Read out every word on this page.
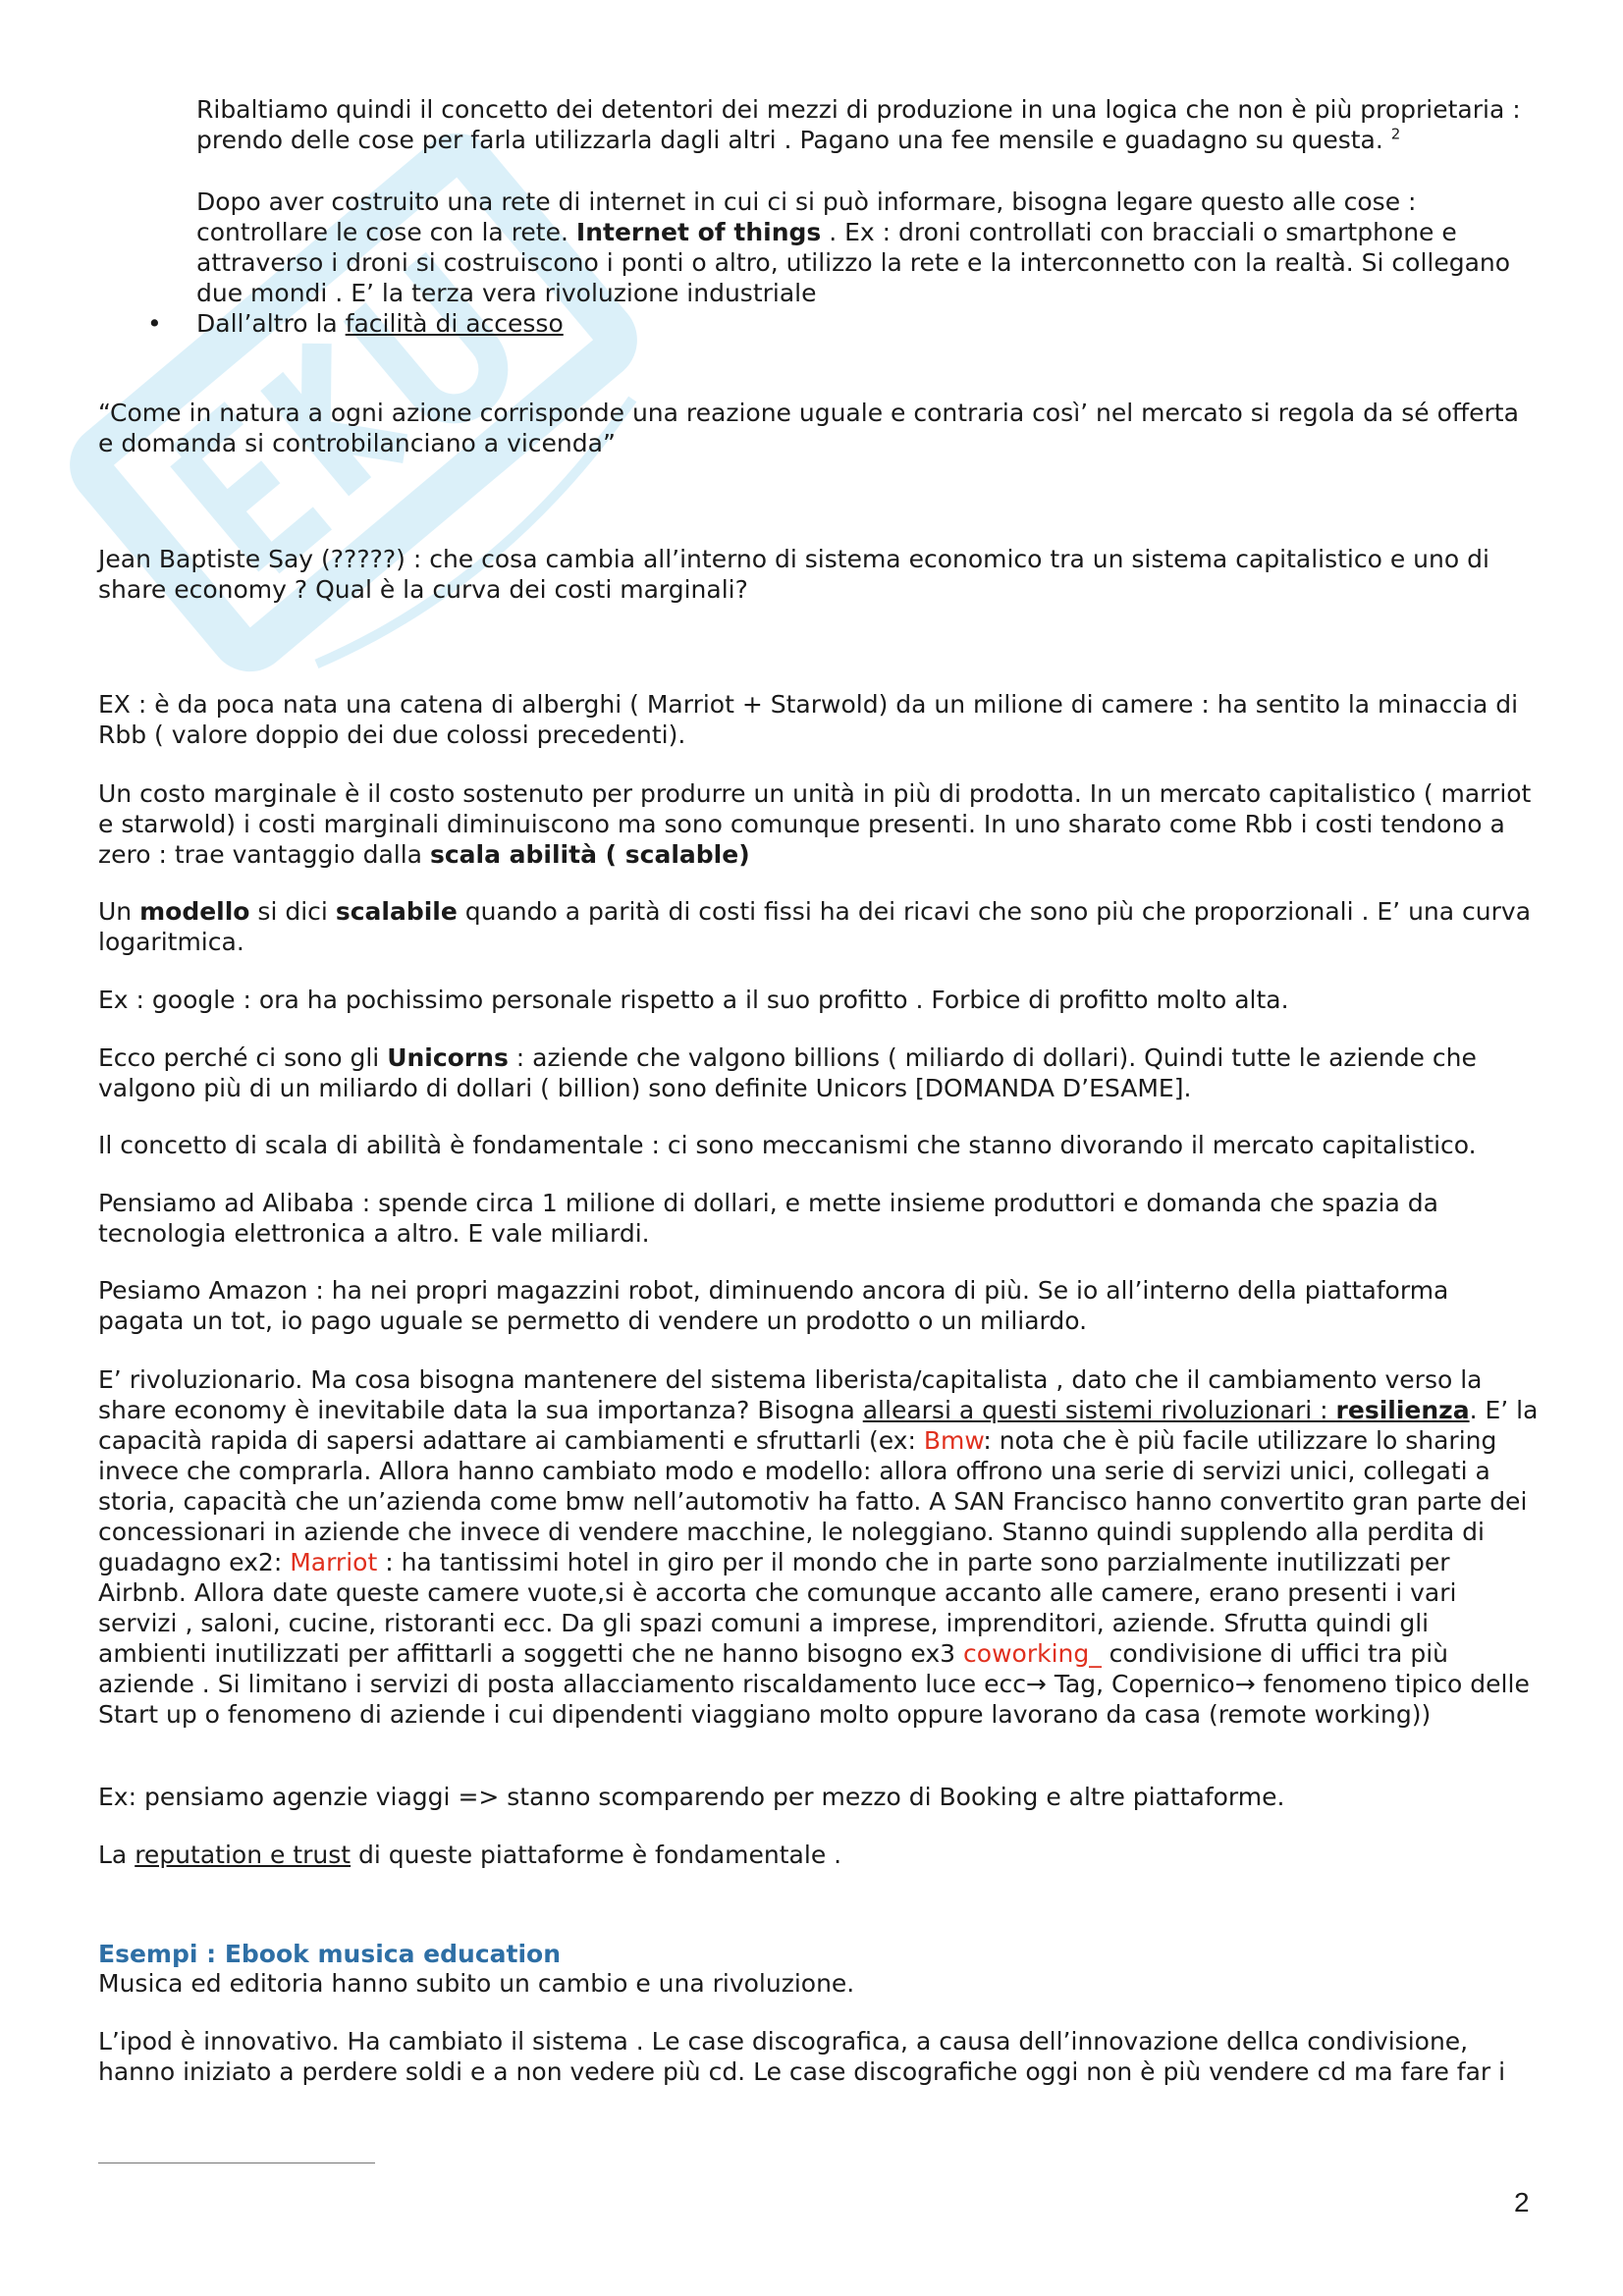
Ribaltiamo quindi il concetto dei detentori dei mezzi di produzione in una logica che non è più proprietaria : prendo delle cose per farla utilizzarla dagli altri . Pagano una fee mensile e guadagno su questa. $^2$

Dopo aver costruito una rete di internet in cui ci si può informare, bisogna legare questo alle cose : controllare le cose con la rete. Internet of things . Ex : droni controllati con bracciali o smartphone e attraverso i droni si costruiscono i ponti o altro, utilizzo la rete e la interconnetto con la realtà. Si collegano due mondi . E’ la terza vera rivoluzione industriale

• Dall’altro la facilità di accesso

“Come in natura a ogni azione corrisponde una reazione uguale e contraria così’ nel mercato si regola da sé offerta e domanda si controbilanciano a vicenda”

Jean Baptiste Say (?????) : che cosa cambia all’interno di sistema economico tra un sistema capitalistico e uno di share economy ? Qual è la curva dei costi marginali?

EX : è da poca nata una catena di alberghi ( Marriot + Starwold) da un milione di camere : ha sentito la minaccia di Rbb ( valore doppio dei due colossi precedenti).

Un costo marginale è il costo sostenuto per produrre un unità in più di prodotta. In un mercato capitalistico ( marriot e starwold) i costi marginali diminuiscono ma sono comunque presenti. In uno sharato come Rbb i costi tendono a zero : trae vantaggio dalla scala abilità ( scalable)

Un modello si dici scalabile quando a parità di costi fissi ha dei ricavi che sono più che proporzionali . E’ una curva logaritmica.

Ex : google : ora ha pochissimo personale rispetto a il suo profitto . Forbice di profitto molto alta.

Ecco perché ci sono gli Unicorns : aziende che valgono billions ( miliardo di dollari). Quindi tutte le aziende che valgono più di un miliardo di dollari ( billion) sono definite Unicors [DOMANDA D’ESAME].

Il concetto di scala di abilità è fondamentale : ci sono meccanismi che stanno divorando il mercato capitalistico.

Pensiamo ad Alibaba : spende circa 1 milione di dollari, e mette insieme produttori e domanda che spazia da tecnologia elettronica a altro. E vale miliardi.

Pesiamo Amazon : ha nei propri magazzini robot, diminuendo ancora di più. Se io all’interno della piattaforma pagata un tot, io pago uguale se permetto di vendere un prodotto o un miliardo.

E’ rivoluzionario. Ma cosa bisogna mantenere del sistema liberista/capitalista , dato che il cambiamento verso la share economy è inevitabile data la sua importanza? Bisogna allearsi a questi sistemi rivoluzionari : resilienza. E’ la capacità rapida di sapersi adattare ai cambiamenti e sfruttarli (ex: Bmw: nota che è più facile utilizzare lo sharing invece che comprarla. Allora hanno cambiato modo e modello: allora offrono una serie di servizi unici, collegati a storia, capacità che un’azienda come bmw nell’automotiv ha fatto. A SAN Francisco hanno convertito gran parte dei concessionari in aziende che invece di vendere macchine, le noleggiano. Stanno quindi supplendo alla perdita di guadagno ex2: Marriot : ha tantissimi hotel in giro per il mondo che in parte sono parzialmente inutilizzati per Airbnb. Allora date queste camere vuote,si è accorta che comunque accanto alle camere, erano presenti i vari servizi , saloni, cucine, ristoranti ecc. Da gli spazi comuni a imprese, imprenditori, aziende. Sfrutta quindi gli ambienti inutilizzati per affittarli a soggetti che ne hanno bisogno ex3 coworking_ condivisione di uffici tra più aziende . Si limitano i servizi di posta allacciamento riscaldamento luce ecc→ Tag, Copernico→ fenomeno tipico delle Start up o fenomeno di aziende i cui dipendenti viaggiano molto oppure lavorano da casa (remote working))

Ex: pensiamo agenzie viaggi => stanno scomparendo per mezzo di Booking e altre piattaforme.

La reputation e trust di queste piattaforme è fondamentale .

Esempi : Ebook musica education

Musica ed editoria hanno subito un cambio e una rivoluzione.

L’ipod è innovativo. Ha cambiato il sistema . Le case discografica, a causa dell’innovazione dellca condivisione, hanno iniziato a perdere soldi e a non vedere più cd. Le case discografiche oggi non è più vendere cd ma fare far i

2
